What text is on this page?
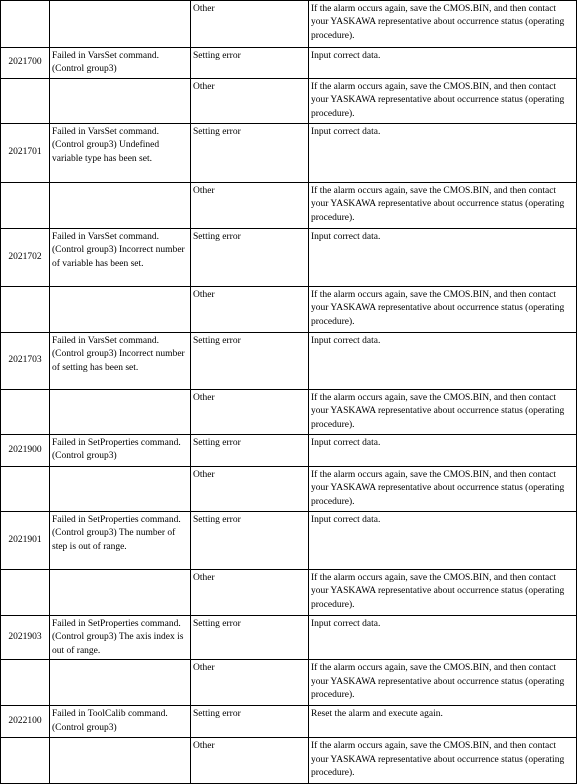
		Other	If the alarm occurs again, save the CMOS.BIN, and then contact your YASKAWA representative about occurrence status (operating procedure).
2021700	Failed in VarsSet command. (Control group3)	Setting error	Input correct data.
		Other	If the alarm occurs again, save the CMOS.BIN, and then contact your YASKAWA representative about occurrence status (operating procedure).
2021701	Failed in VarsSet command. (Control group3) Undefined variable type has been set.	Setting error	Input correct data.
		Other	If the alarm occurs again, save the CMOS.BIN, and then contact your YASKAWA representative about occurrence status (operating procedure).
2021702	Failed in VarsSet command. (Control group3) Incorrect number of variable has been set.	Setting error	Input correct data.
		Other	If the alarm occurs again, save the CMOS.BIN, and then contact your YASKAWA representative about occurrence status (operating procedure).
2021703	Failed in VarsSet command. (Control group3) Incorrect number of setting has been set.	Setting error	Input correct data.
		Other	If the alarm occurs again, save the CMOS.BIN, and then contact your YASKAWA representative about occurrence status (operating procedure).
2021900	Failed in SetProperties command. (Control group3)	Setting error	Input correct data.
		Other	If the alarm occurs again, save the CMOS.BIN, and then contact your YASKAWA representative about occurrence status (operating procedure).
2021901	Failed in SetProperties command. (Control group3) The number of step is out of range.	Setting error	Input correct data.
		Other	If the alarm occurs again, save the CMOS.BIN, and then contact your YASKAWA representative about occurrence status (operating procedure).
2021903	Failed in SetProperties command. (Control group3) The axis index is out of range.	Setting error	Input correct data.
		Other	If the alarm occurs again, save the CMOS.BIN, and then contact your YASKAWA representative about occurrence status (operating procedure).
2022100	Failed in ToolCalib command. (Control group3)	Setting error	Reset the alarm and execute again.
		Other	If the alarm occurs again, save the CMOS.BIN, and then contact your YASKAWA representative about occurrence status (operating procedure).
